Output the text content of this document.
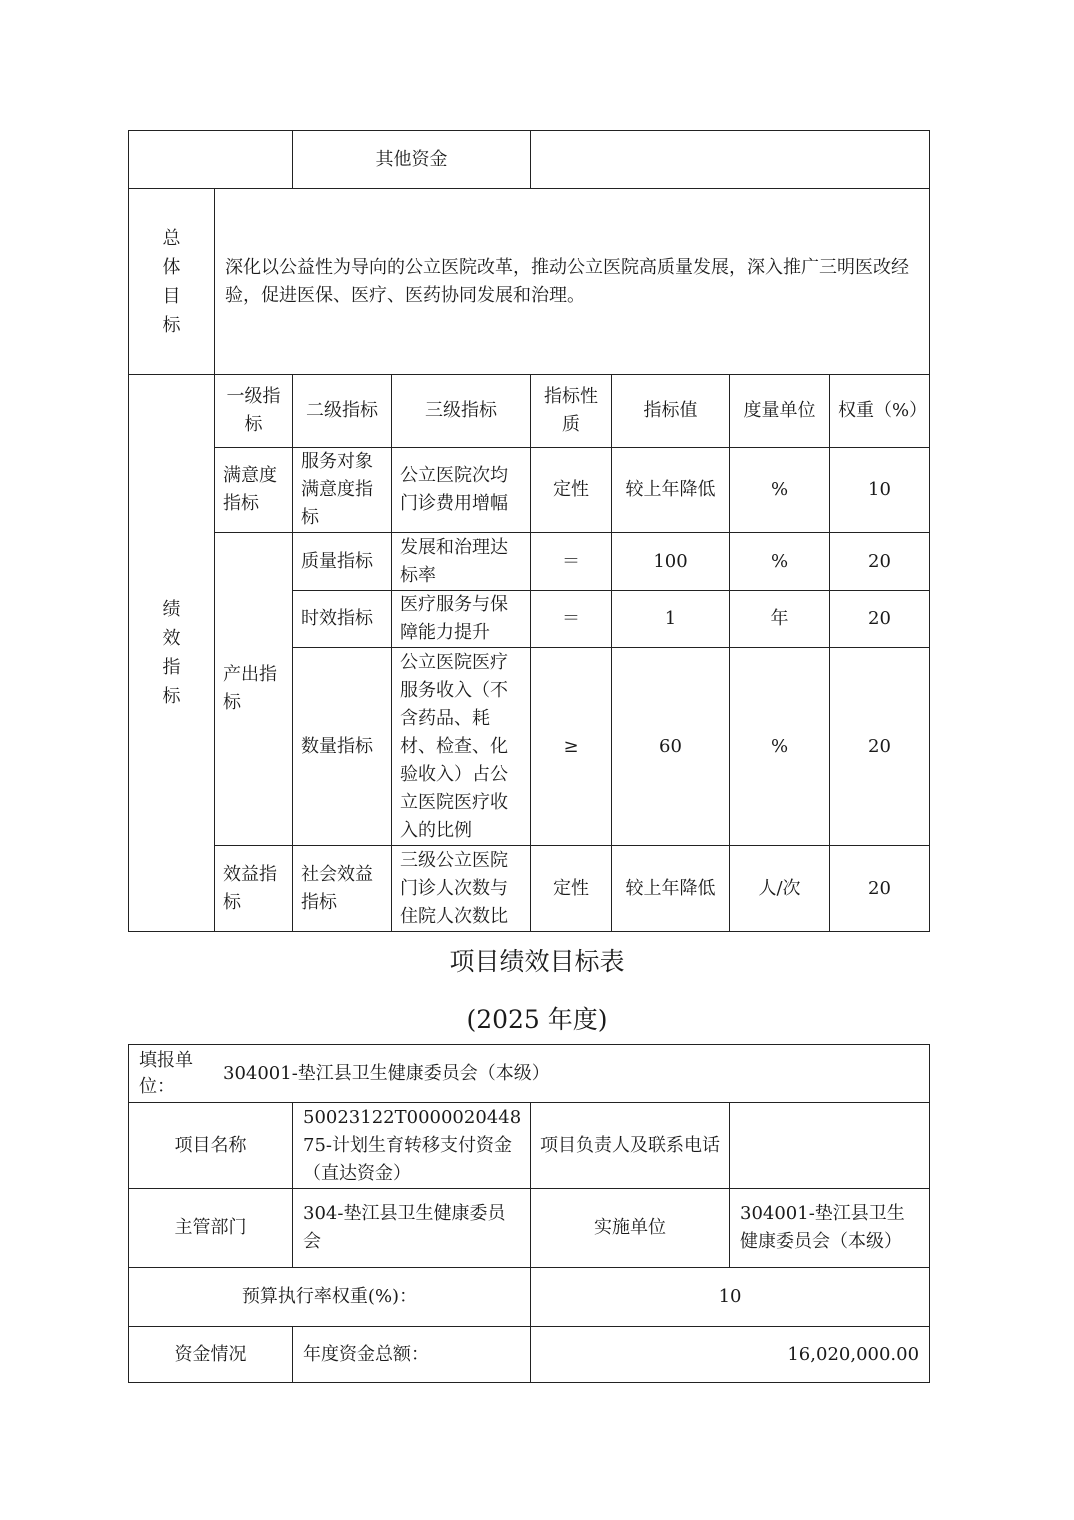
		其他资金					

总
体
目
标	深化以公益性为导向的公立医院改革，推动公立医院高质量发展，深入推广三明医改经验，促进医保、医疗、医药协同发展和治理。						

绩
效
指
标	一级指标	二级指标	三级指标	指标性质	指标值	度量单位	权重（%）
	满意度指标	服务对象满意度指标	公立医院次均门诊费用增幅	定性	较上年降低	%	10
	产出指标	质量指标	发展和治理达标率	＝	100	%	20
		时效指标	医疗服务与保障能力提升	＝	1	年	20
		数量指标	公立医院医疗服务收入（不含药品、耗材、检查、化验收入）占公立医院医疗收入的比例	≥	60	%	20
	效益指标	社会效益指标	三级公立医院门诊人次数与住院人次数比	定性	较上年降低	人/次	20
项目绩效目标表
(2025 年度)
填报单位：
304001-垫江县卫生健康委员会（本级）			

项目名称	50023122T000002044875-计划生育转移支付资金（直达资金）	项目负责人及联系电话	
主管部门	304-垫江县卫生健康委员会	实施单位	304001-垫江县卫生健康委员会（本级）
预算执行率权重(%)：		10	
资金情况	年度资金总额：	16,020,000.00	
